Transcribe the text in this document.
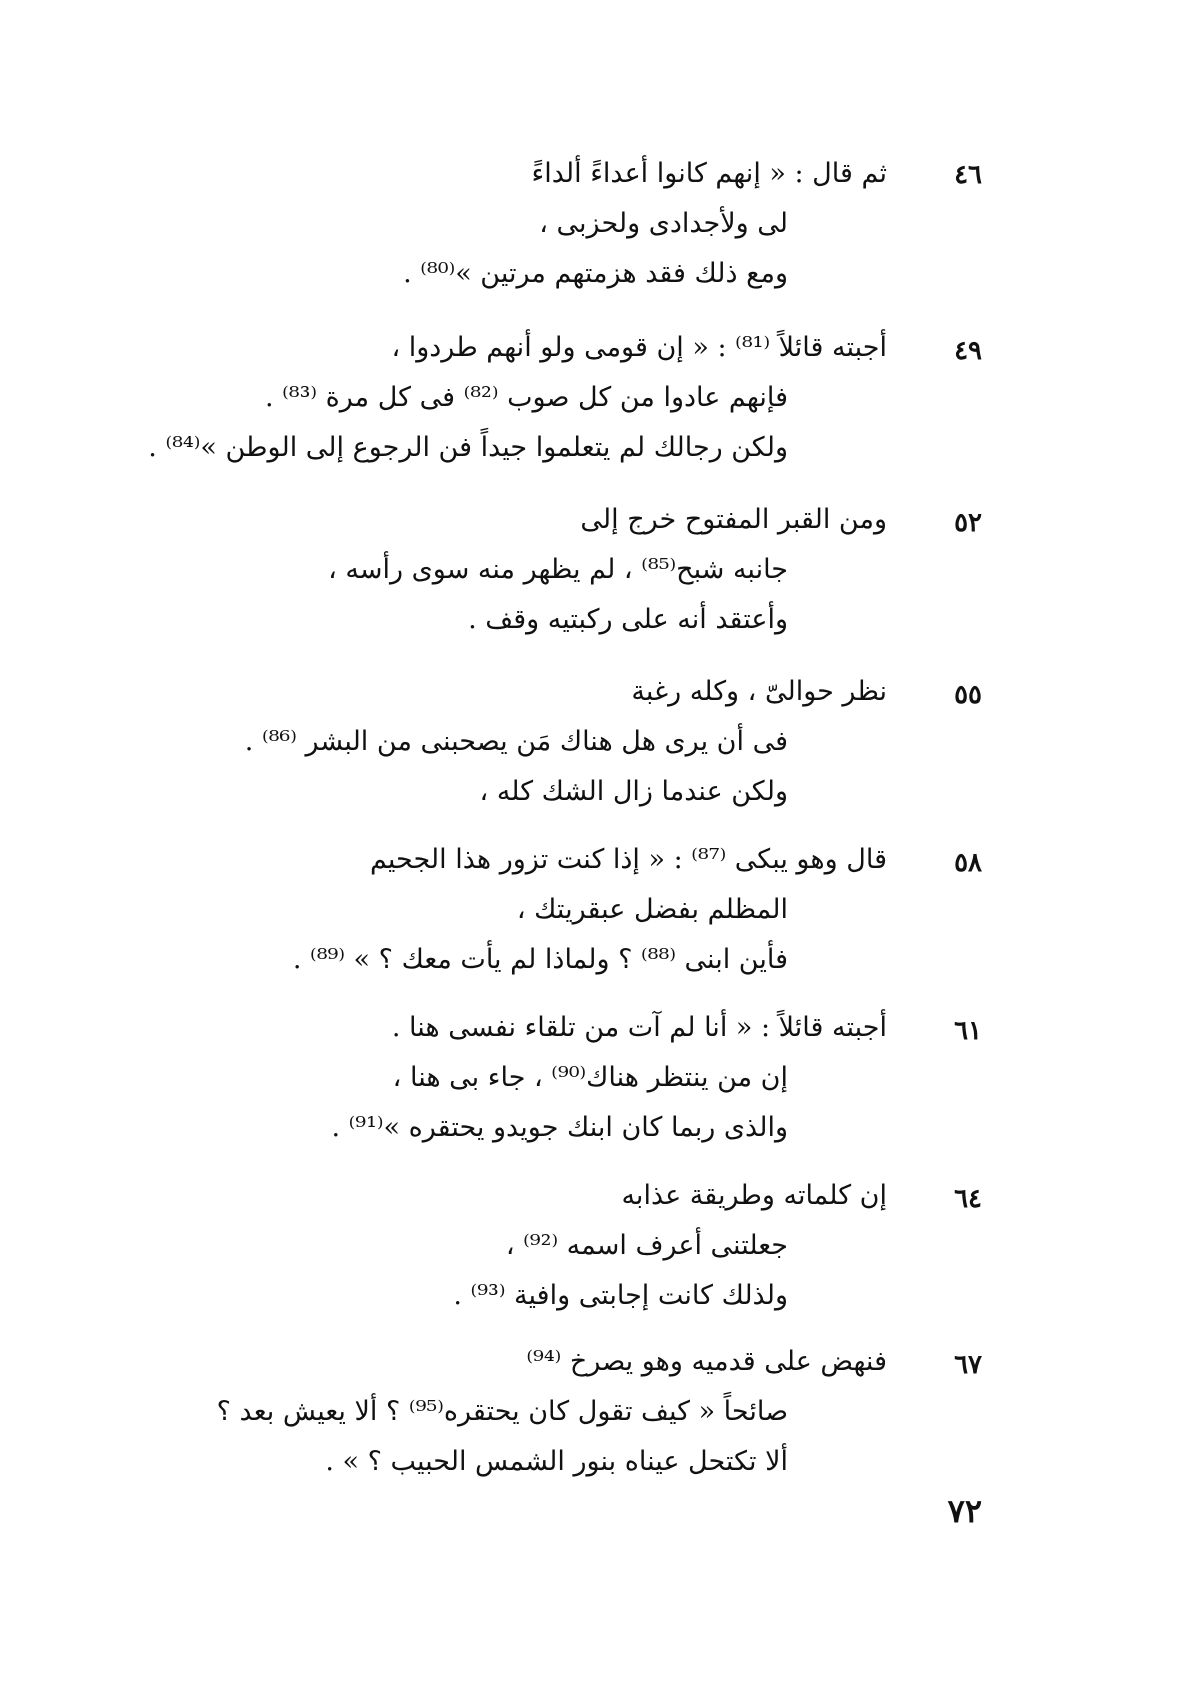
٤٦
ثم قال : « إنهم كانوا أعداءً ألداءً
لى ولأجدادى ولحزبى ،
ومع ذلك فقد هزمتهم مرتين »⁽⁸⁰⁾ .
٤٩
أجبته قائلاً ⁽⁸¹⁾ : « إن قومى ولو أنهم طردوا ،
فإنهم عادوا من كل صوب ⁽⁸²⁾ فى كل مرة ⁽⁸³⁾ .
ولكن رجالك لم يتعلموا جيداً فن الرجوع إلى الوطن »⁽⁸⁴⁾ .
٥٢
ومن القبر المفتوح خرج إلى
جانبه شبح⁽⁸⁵⁾ ، لم يظهر منه سوى رأسه ،
وأعتقد أنه على ركبتيه وقف .
٥٥
نظر حوالىّ ، وكله رغبة
فى أن يرى هل هناك مَن يصحبنى من البشر ⁽⁸⁶⁾ .
ولكن عندما زال الشك كله ،
٥٨
قال وهو يبكى ⁽⁸⁷⁾ : « إذا كنت تزور هذا الجحيم
المظلم بفضل عبقريتك ،
فأين ابنى ⁽⁸⁸⁾ ؟ ولماذا لم يأت معك ؟ » ⁽⁸⁹⁾ .
٦١
أجبته قائلاً : « أنا لم آت من تلقاء نفسى هنا .
إن من ينتظر هناك⁽⁹⁰⁾ ، جاء بى هنا ،
والذى ربما كان ابنك جويدو يحتقره »⁽⁹¹⁾ .
٦٤
إن كلماته وطريقة عذابه
جعلتنى أعرف اسمه ⁽⁹²⁾ ،
ولذلك كانت إجابتى وافية ⁽⁹³⁾ .
٦٧
فنهض على قدميه وهو يصرخ ⁽⁹⁴⁾
صائحاً « كيف تقول كان يحتقره⁽⁹⁵⁾ ؟ ألا يعيش بعد ؟
ألا تكتحل عيناه بنور الشمس الحبيب ؟ » .
٧٢
